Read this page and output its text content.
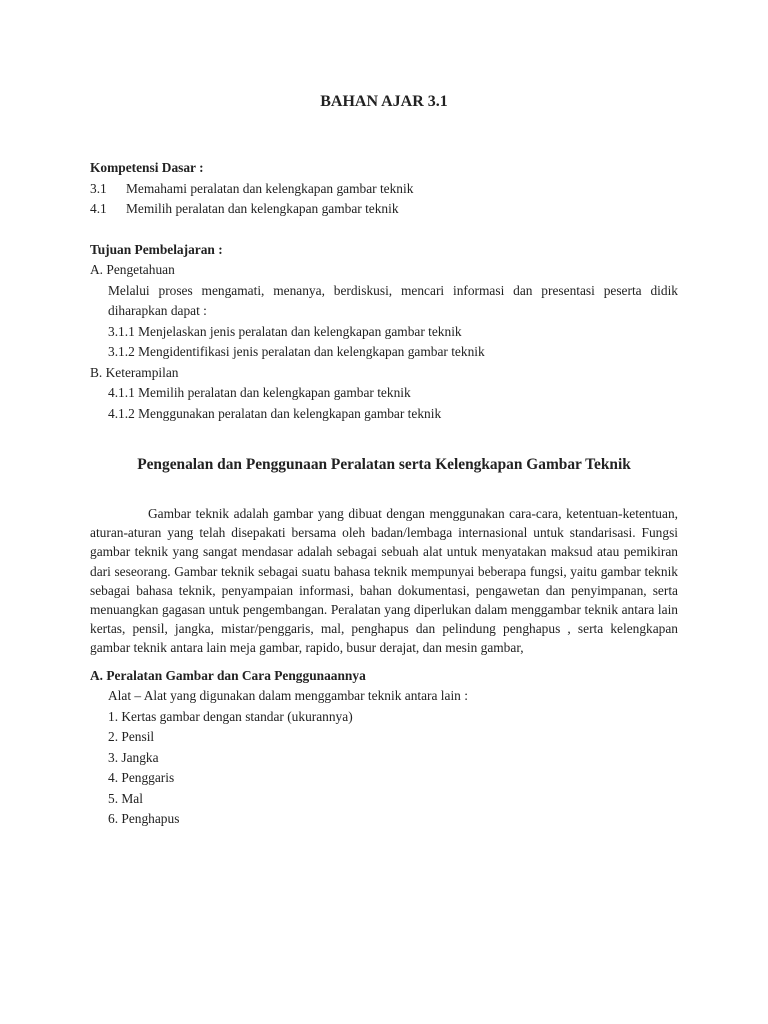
BAHAN AJAR 3.1
Kompetensi Dasar :
3.1	Memahami peralatan dan kelengkapan gambar teknik
4.1	Memilih peralatan dan kelengkapan gambar teknik
Tujuan Pembelajaran :
A. Pengetahuan
Melalui proses mengamati, menanya, berdiskusi, mencari informasi dan presentasi peserta didik diharapkan dapat :
3.1.1 Menjelaskan jenis peralatan dan kelengkapan gambar teknik
3.1.2 Mengidentifikasi jenis peralatan dan kelengkapan gambar teknik
B. Keterampilan
4.1.1 Memilih peralatan dan kelengkapan gambar teknik
4.1.2 Menggunakan peralatan dan kelengkapan gambar teknik
Pengenalan dan Penggunaan Peralatan serta Kelengkapan Gambar Teknik

Gambar teknik adalah gambar yang dibuat dengan menggunakan cara-cara, ketentuan-ketentuan, aturan-aturan yang telah disepakati bersama oleh badan/lembaga internasional untuk standarisasi. Fungsi gambar teknik yang sangat mendasar adalah sebagai sebuah alat untuk menyatakan maksud atau pemikiran dari seseorang. Gambar teknik sebagai suatu bahasa teknik mempunyai beberapa fungsi, yaitu gambar teknik sebagai bahasa teknik, penyampaian informasi, bahan dokumentasi, pengawetan dan penyimpanan, serta menuangkan gagasan untuk pengembangan. Peralatan yang diperlukan dalam menggambar teknik antara lain kertas, pensil, jangka, mistar/penggaris, mal, penghapus dan pelindung penghapus , serta kelengkapan gambar teknik antara lain meja gambar, rapido, busur derajat, dan mesin gambar,

A. Peralatan Gambar dan Cara Penggunaannya
Alat – Alat yang digunakan dalam menggambar teknik antara lain :
1. Kertas gambar dengan standar (ukurannya)
2. Pensil
3. Jangka
4. Penggaris
5. Mal
6. Penghapus
